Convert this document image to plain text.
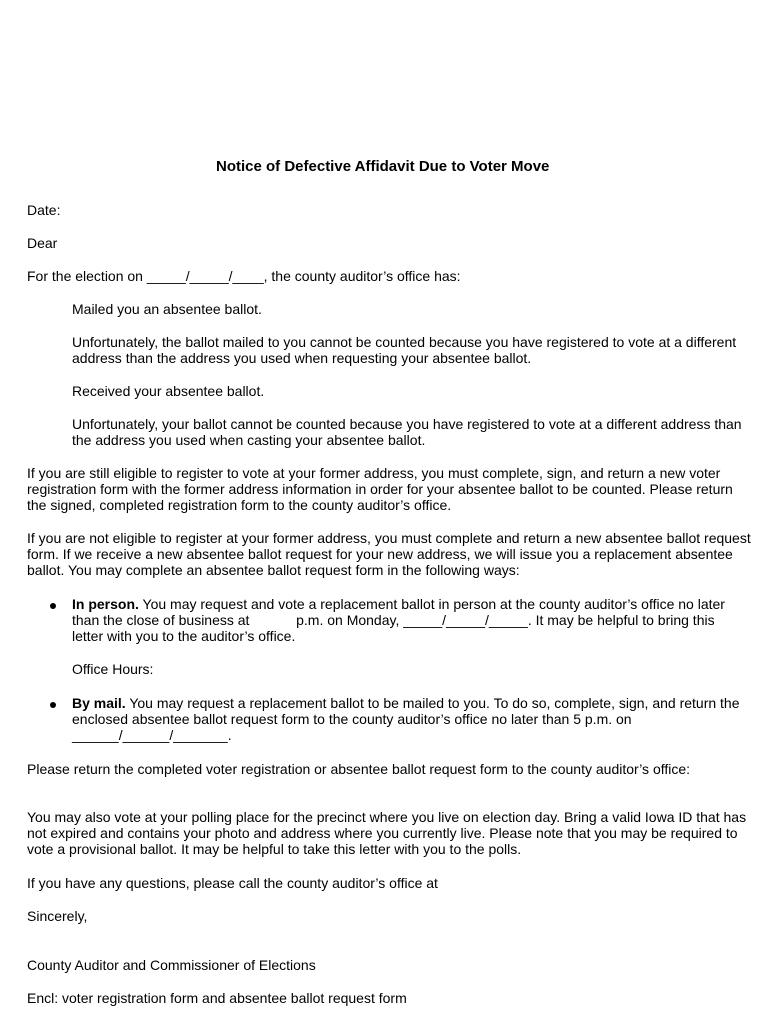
Notice of Defective Affidavit Due to Voter Move
Date:
Dear
For the election on _____/_____/____, the county auditor’s office has:
Mailed you an absentee ballot.
Unfortunately, the ballot mailed to you cannot be counted because you have registered to vote at a different
address than the address you used when requesting your absentee ballot.
Received your absentee ballot.
Unfortunately, your ballot cannot be counted because you have registered to vote at a different address than
the address you used when casting your absentee ballot.
If you are still eligible to register to vote at your former address, you must complete, sign, and return a new voter
registration form with the former address information in order for your absentee ballot to be counted. Please return
the signed, completed registration form to the county auditor’s office.
If you are not eligible to register at your former address, you must complete and return a new absentee ballot request
form. If we receive a new absentee ballot request for your new address, we will issue you a replacement absentee
ballot. You may complete an absentee ballot request form in the following ways:
In person. You may request and vote a replacement ballot in person at the county auditor’s office no later
than the close of business at            p.m. on Monday, _____/_____/_____. It may be helpful to bring this
letter with you to the auditor’s office.
Office Hours:
By mail. You may request a replacement ballot to be mailed to you. To do so, complete, sign, and return the
enclosed absentee ballot request form to the county auditor’s office no later than 5 p.m. on
______/______/_______.
Please return the completed voter registration or absentee ballot request form to the county auditor’s office:
You may also vote at your polling place for the precinct where you live on election day. Bring a valid Iowa ID that has
not expired and contains your photo and address where you currently live. Please note that you may be required to
vote a provisional ballot. It may be helpful to take this letter with you to the polls.
If you have any questions, please call the county auditor’s office at
Sincerely,
County Auditor and Commissioner of Elections
Encl: voter registration form and absentee ballot request form
